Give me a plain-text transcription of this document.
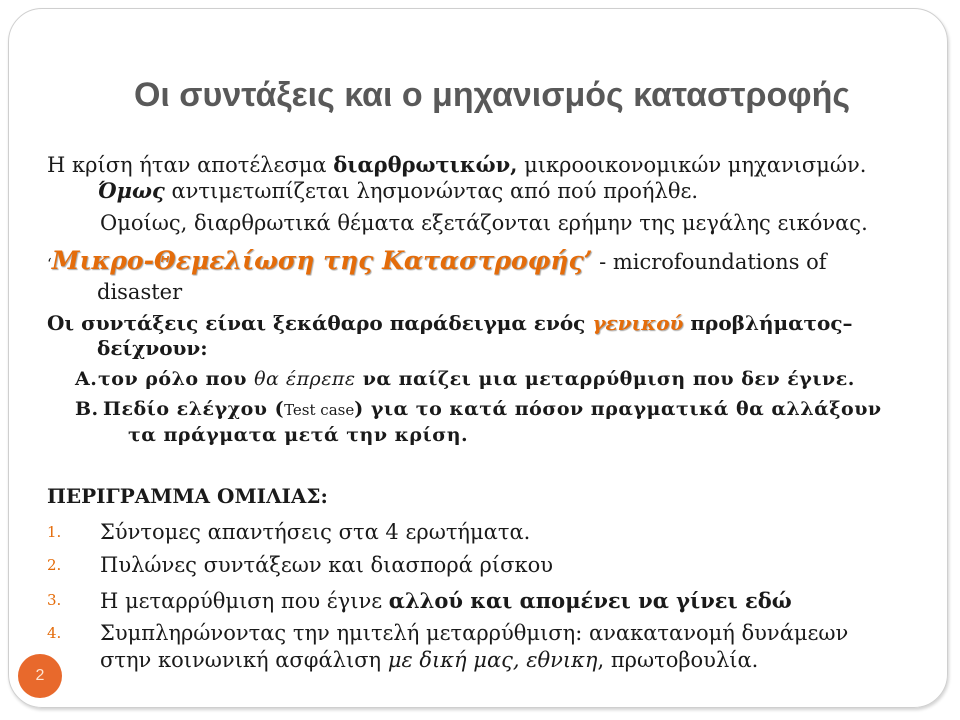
Οι συντάξεις και ο μηχανισμός καταστροφής

Η κρίση ήταν αποτέλεσμα διαρθρωτικών, μικροοικονομικών μηχανισμών.
Όμως αντιμετωπίζεται λησμονώντας από πού προήλθε.

Ομοίως, διαρθρωτικά θέματα εξετάζονται ερήμην της μεγάλης εικόνας.

‘Μικρο-Θεμελίωση της Καταστροφής’ - microfoundations of
disaster

Οι συντάξεις είναι ξεκάθαρο παράδειγμα ενός γενικού προβλήματος–
δείχνουν:

A. τον ρόλο που θα έπρεπε να παίζει μια μεταρρύθμιση που δεν έγινε.
B. Πεδίο ελέγχου (Test case) για το κατά πόσον πραγματικά θα αλλάξουν
τα πράγματα μετά την κρίση.

ΠΕΡΙΓΡΑΜΜΑ ΟΜΙΛΙΑΣ:

1.	Σύντομες απαντήσεις στα 4 ερωτήματα.
2.	Πυλώνες συντάξεων και διασπορά ρίσκου
3.	Η μεταρρύθμιση που έγινε αλλού και απομένει να γίνει εδώ
4.	Συμπληρώνοντας την ημιτελή μεταρρύθμιση: ανακατανομή δυνάμεων
στην κοινωνική ασφάλιση με δική μας, εθνικη, πρωτοβουλία.
2
